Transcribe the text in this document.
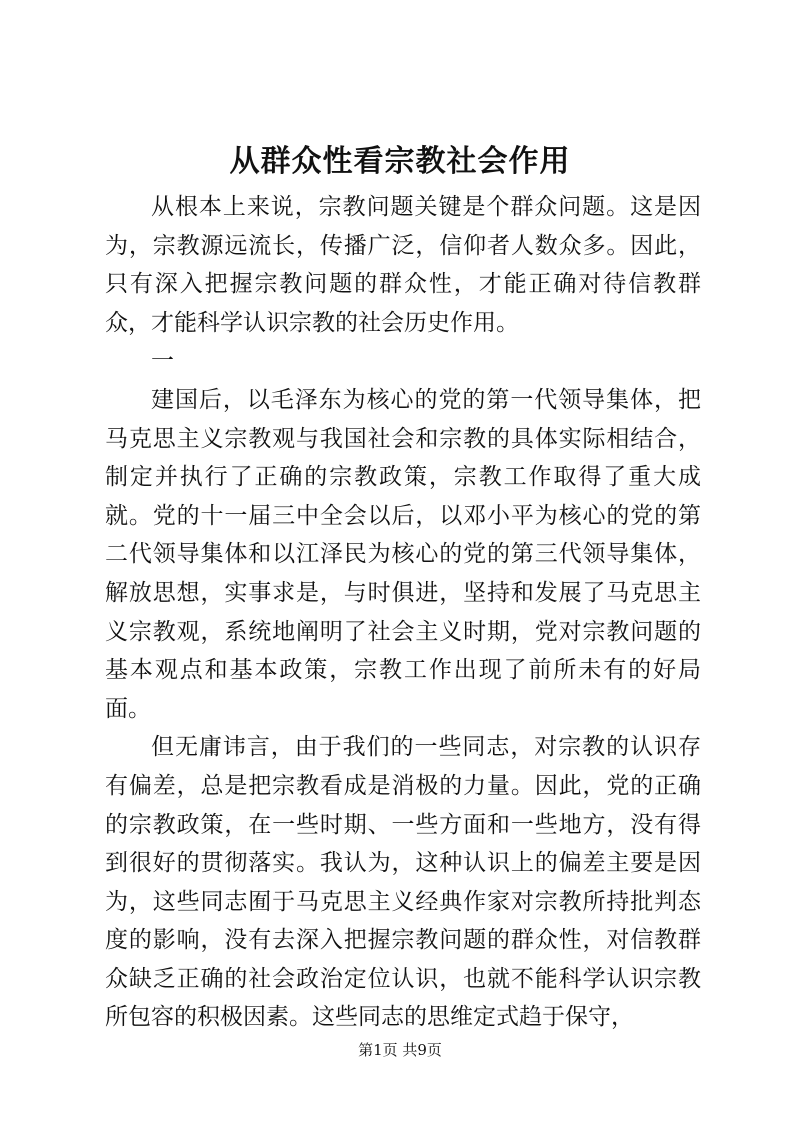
从群众性看宗教社会作用

从根本上来说，宗教问题关键是个群众问题。这是因为，宗教源远流长，传播广泛，信仰者人数众多。因此，只有深入把握宗教问题的群众性，才能正确对待信教群众，才能科学认识宗教的社会历史作用。

一

建国后，以毛泽东为核心的党的第一代领导集体，把马克思主义宗教观与我国社会和宗教的具体实际相结合，制定并执行了正确的宗教政策，宗教工作取得了重大成就。党的十一届三中全会以后，以邓小平为核心的党的第二代领导集体和以江泽民为核心的党的第三代领导集体，解放思想，实事求是，与时俱进，坚持和发展了马克思主义宗教观，系统地阐明了社会主义时期，党对宗教问题的基本观点和基本政策，宗教工作出现了前所未有的好局面。

但无庸讳言，由于我们的一些同志，对宗教的认识存有偏差，总是把宗教看成是消极的力量。因此，党的正确的宗教政策，在一些时期、一些方面和一些地方，没有得到很好的贯彻落实。我认为，这种认识上的偏差主要是因为，这些同志囿于马克思主义经典作家对宗教所持批判态度的影响，没有去深入把握宗教问题的群众性，对信教群众缺乏正确的社会政治定位认识，也就不能科学认识宗教所包容的积极因素。这些同志的思维定式趋于保守，

第1页 共9页
